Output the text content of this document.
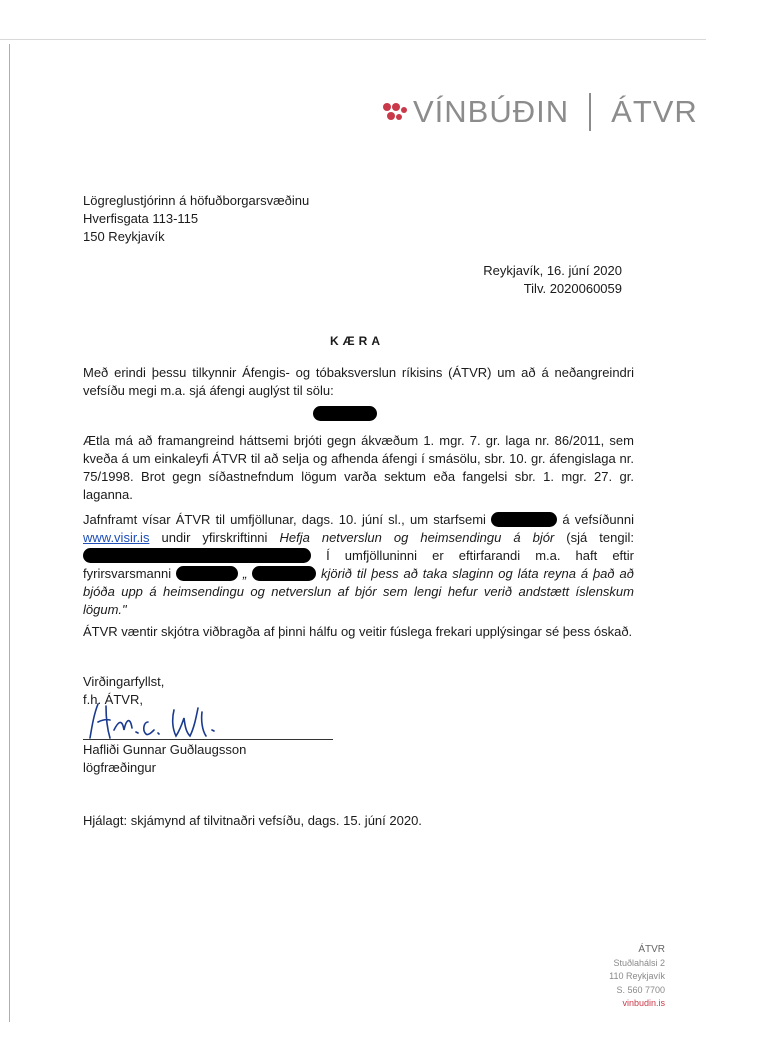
VÍNBÚÐIN ÁTVR
Lögreglustjórinn á höfuðborgarsvæðinu
Hverfisgata 113-115
150 Reykjavík
Reykjavík, 16. júní 2020
Tilv. 2020060059
KÆRA
Með erindi þessu tilkynnir Áfengis- og tóbaksverslun ríkisins (ÁTVR) um að á neðangreindri vefsíðu megi m.a. sjá áfengi auglýst til sölu:
Ætla má að framangreind háttsemi brjóti gegn ákvæðum 1. mgr. 7. gr. laga nr. 86/2011, sem kveða á um einkaleyfi ÁTVR til að selja og afhenda áfengi í smásölu, sbr. 10. gr. áfengislaga nr. 75/1998. Brot gegn síðastnefndum lögum varða sektum eða fangelsi sbr. 1. mgr. 27. gr. laganna.
Jafnframt vísar ÁTVR til umfjöllunar, dags. 10. júní sl., um starfsemi	á vefsíðunni www.visir.is undir yfirskriftinni Hefja netverslun og heimsendingu á bjór (sjá tengil:  Í umfjölluninni er eftirfarandi m.a. haft eftir fyrirsvarsmanni	„	kjörið til þess að taka slaginn og láta reyna á það að bjóða upp á heimsendingu og netverslun af bjór sem lengi hefur verið andstætt íslenskum lögum."
ÁTVR væntir skjótra viðbragða af þinni hálfu og veitir fúslega frekari upplýsingar sé þess óskað.
Virðingarfyllst,
f.h. ÁTVR,
Hafliði Gunnar Guðlaugsson
lögfræðingur
Hjálagt: skjámynd af tilvitnaðri vefsíðu, dags. 15. júní 2020.
ÁTVR
Stuðlahálsi 2
110 Reykjavík
S. 560 7700
vinbudin.is
